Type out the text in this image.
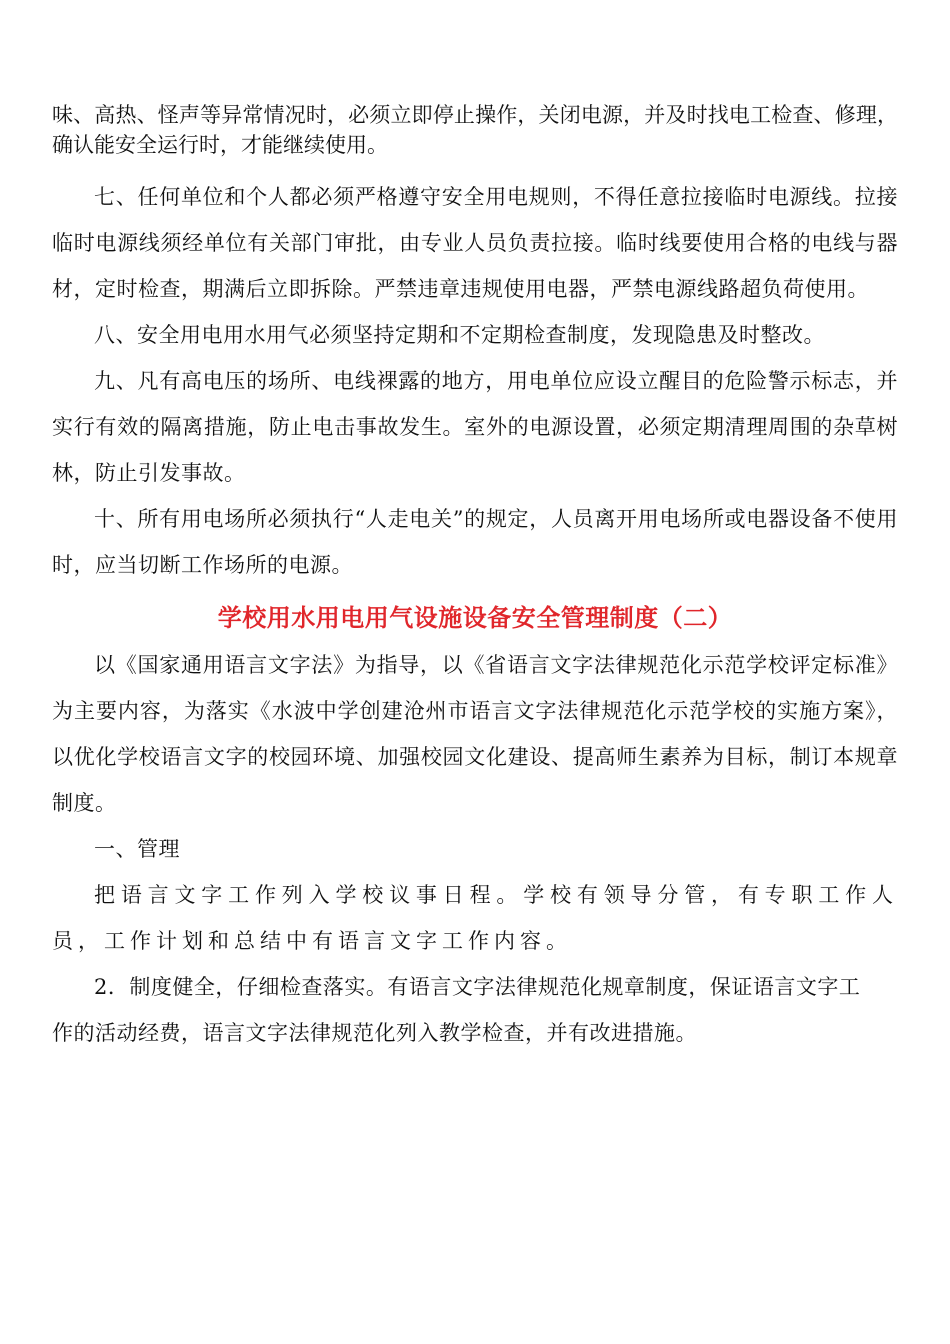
味、高热、怪声等异常情况时，必须立即停止操作，关闭电源，并及时找电工检查、修理，确认能安全运行时，才能继续使用。

七、任何单位和个人都必须严格遵守安全用电规则，不得任意拉接临时电源线。拉接临时电源线须经单位有关部门审批，由专业人员负责拉接。临时线要使用合格的电线与器材，定时检查，期满后立即拆除。严禁违章违规使用电器，严禁电源线路超负荷使用。

八、安全用电用水用气必须坚持定期和不定期检查制度，发现隐患及时整改。

九、凡有高电压的场所、电线裸露的地方，用电单位应设立醒目的危险警示标志，并实行有效的隔离措施，防止电击事故发生。室外的电源设置，必须定期清理周围的杂草树林，防止引发事故。

十、所有用电场所必须执行“人走电关”的规定，人员离开用电场所或电器设备不使用时，应当切断工作场所的电源。

学校用水用电用气设施设备安全管理制度（二）

以《国家通用语言文字法》为指导，以《省语言文字法律规范化示范学校评定标准》为主要内容，为落实《水波中学创建沧州市语言文字法律规范化示范学校的实施方案》，以优化学校语言文字的校园环境、加强校园文化建设、提高师生素养为目标，制订本规章制度。

一、管理

把语言文字工作列入学校议事日程。学校有领导分管，有专职工作人员，工作计划和总结中有语言文字工作内容。

2．制度健全，仔细检查落实。有语言文字法律规范化规章制度，保证语言文字工

作的活动经费，语言文字法律规范化列入教学检查，并有改进措施。
